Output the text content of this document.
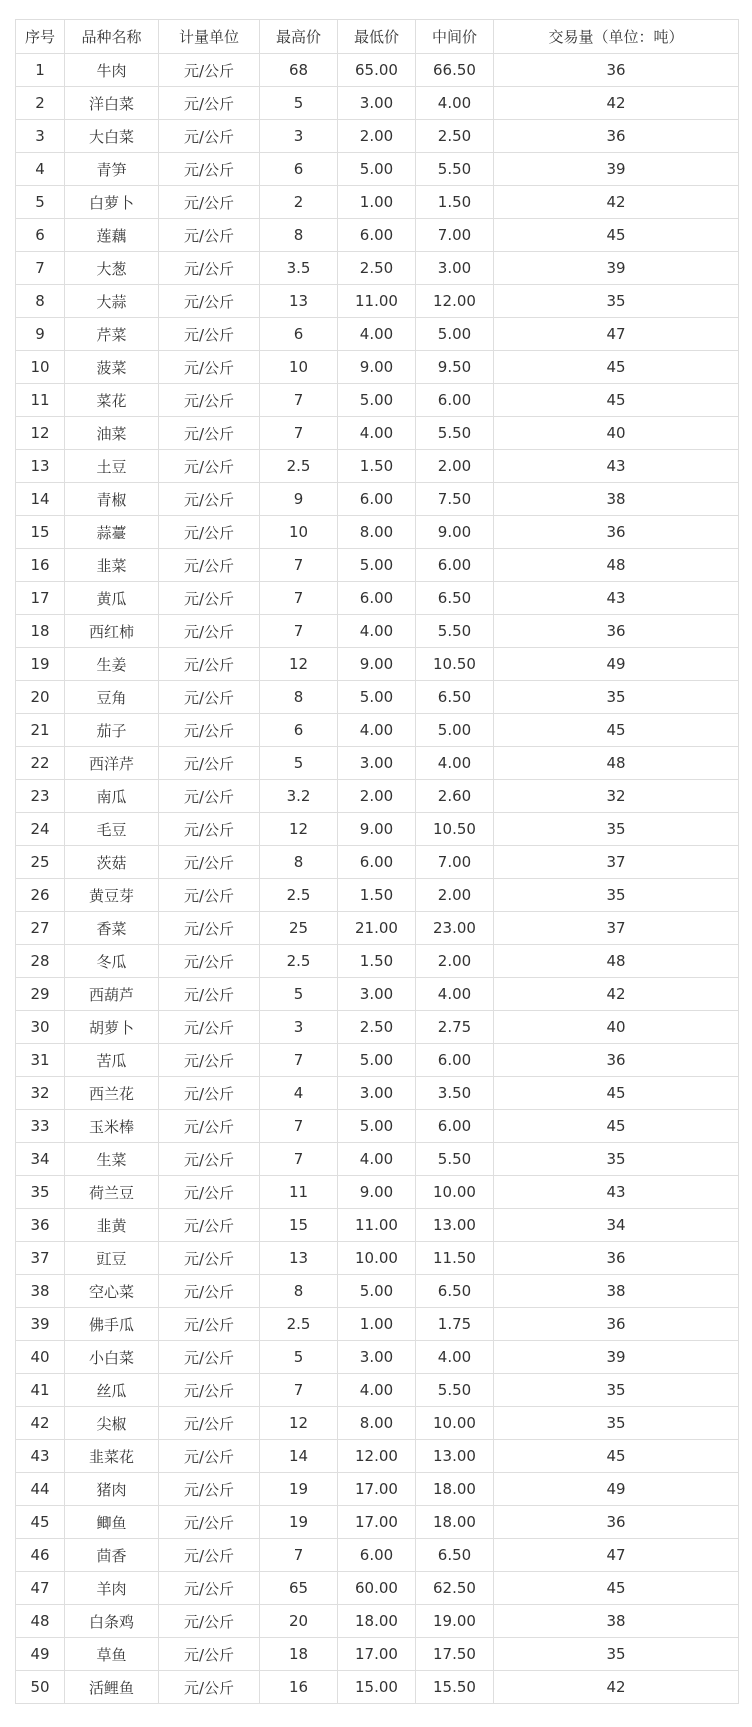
序号	品种名称	计量单位	最高价	最低价	中间价	交易量（单位：吨）
1	牛肉	元/公斤	68	65.00	66.50	36
2	洋白菜	元/公斤	5	3.00	4.00	42
3	大白菜	元/公斤	3	2.00	2.50	36
4	青笋	元/公斤	6	5.00	5.50	39
5	白萝卜	元/公斤	2	1.00	1.50	42
6	莲藕	元/公斤	8	6.00	7.00	45
7	大葱	元/公斤	3.5	2.50	3.00	39
8	大蒜	元/公斤	13	11.00	12.00	35
9	芹菜	元/公斤	6	4.00	5.00	47
10	菠菜	元/公斤	10	9.00	9.50	45
11	菜花	元/公斤	7	5.00	6.00	45
12	油菜	元/公斤	7	4.00	5.50	40
13	土豆	元/公斤	2.5	1.50	2.00	43
14	青椒	元/公斤	9	6.00	7.50	38
15	蒜薹	元/公斤	10	8.00	9.00	36
16	韭菜	元/公斤	7	5.00	6.00	48
17	黄瓜	元/公斤	7	6.00	6.50	43
18	西红柿	元/公斤	7	4.00	5.50	36
19	生姜	元/公斤	12	9.00	10.50	49
20	豆角	元/公斤	8	5.00	6.50	35
21	茄子	元/公斤	6	4.00	5.00	45
22	西洋芹	元/公斤	5	3.00	4.00	48
23	南瓜	元/公斤	3.2	2.00	2.60	32
24	毛豆	元/公斤	12	9.00	10.50	35
25	茨菇	元/公斤	8	6.00	7.00	37
26	黄豆芽	元/公斤	2.5	1.50	2.00	35
27	香菜	元/公斤	25	21.00	23.00	37
28	冬瓜	元/公斤	2.5	1.50	2.00	48
29	西葫芦	元/公斤	5	3.00	4.00	42
30	胡萝卜	元/公斤	3	2.50	2.75	40
31	苦瓜	元/公斤	7	5.00	6.00	36
32	西兰花	元/公斤	4	3.00	3.50	45
33	玉米棒	元/公斤	7	5.00	6.00	45
34	生菜	元/公斤	7	4.00	5.50	35
35	荷兰豆	元/公斤	11	9.00	10.00	43
36	韭黄	元/公斤	15	11.00	13.00	34
37	豇豆	元/公斤	13	10.00	11.50	36
38	空心菜	元/公斤	8	5.00	6.50	38
39	佛手瓜	元/公斤	2.5	1.00	1.75	36
40	小白菜	元/公斤	5	3.00	4.00	39
41	丝瓜	元/公斤	7	4.00	5.50	35
42	尖椒	元/公斤	12	8.00	10.00	35
43	韭菜花	元/公斤	14	12.00	13.00	45
44	猪肉	元/公斤	19	17.00	18.00	49
45	鲫鱼	元/公斤	19	17.00	18.00	36
46	茴香	元/公斤	7	6.00	6.50	47
47	羊肉	元/公斤	65	60.00	62.50	45
48	白条鸡	元/公斤	20	18.00	19.00	38
49	草鱼	元/公斤	18	17.00	17.50	35
50	活鲤鱼	元/公斤	16	15.00	15.50	42
